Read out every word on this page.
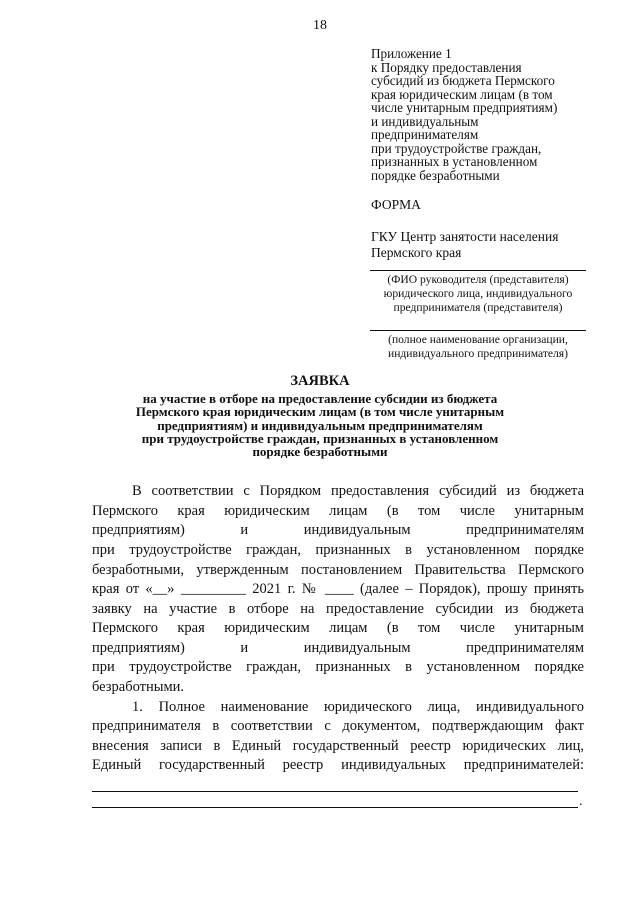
18
Приложение 1
к Порядку предоставления
субсидий из бюджета Пермского
края юридическим лицам (в том
числе унитарным предприятиям)
и индивидуальным
предпринимателям
при трудоустройстве граждан,
признанных в установленном
порядке безработными
ФОРМА
ГКУ Центр занятости населения
Пермского края
(ФИО руководителя (представителя)
юридического лица, индивидуального
предпринимателя (представителя)
(полное наименование организации,
индивидуального предпринимателя)
ЗАЯВКА
на участие в отборе на предоставление субсидии из бюджета
Пермского края юридическим лицам (в том числе унитарным
предприятиям) и индивидуальным предпринимателям
при трудоустройстве граждан, признанных в установленном
порядке безработными
В соответствии с Порядком предоставления субсидий из бюджета
Пермского края юридическим лицам (в том числе унитарным
предприятиям) и индивидуальным предпринимателям
при трудоустройстве граждан, признанных в установленном порядке
безработными, утвержденным постановлением Правительства Пермского
края от «__» _________ 2021 г. № ____ (далее – Порядок), прошу принять
заявку на участие в отборе на предоставление субсидии из бюджета
Пермского края юридическим лицам (в том числе унитарным
предприятиям) и индивидуальным предпринимателям
при трудоустройстве граждан, признанных в установленном порядке
безработными.
1. Полное наименование юридического лица, индивидуального
предпринимателя в соответствии с документом, подтверждающим факт
внесения записи в Единый государственный реестр юридических лиц,
Единый государственный реестр индивидуальных предпринимателей:
.
